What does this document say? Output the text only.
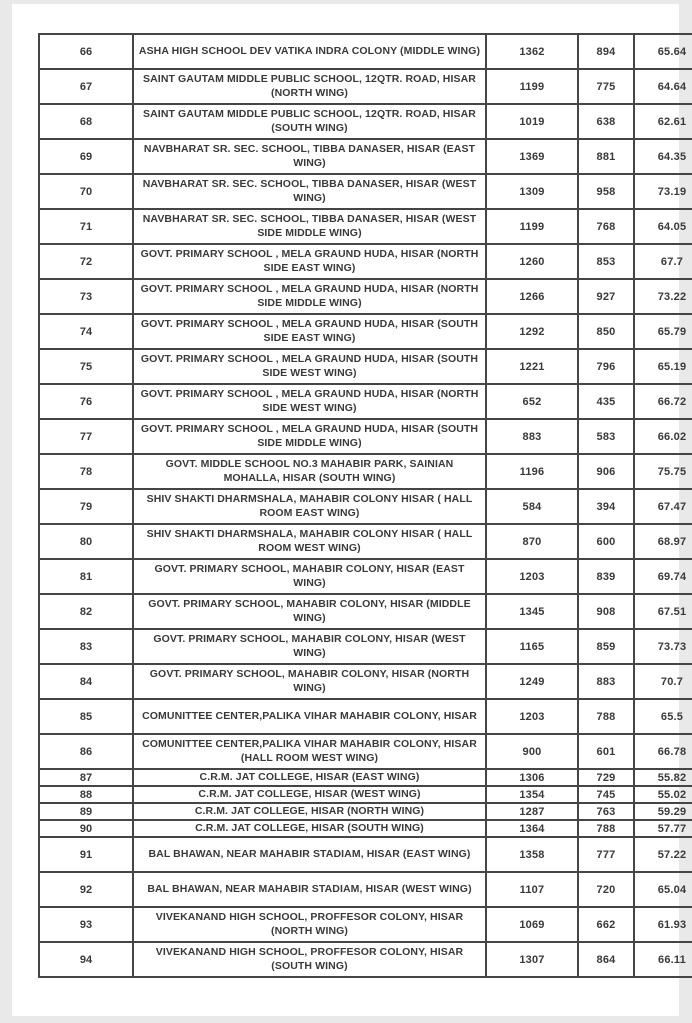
66	ASHA HIGH SCHOOL DEV VATIKA INDRA COLONY (MIDDLE WING)	1362	894	65.64
67	SAINT GAUTAM MIDDLE PUBLIC SCHOOL, 12QTR. ROAD, HISAR (NORTH WING)	1199	775	64.64
68	SAINT GAUTAM MIDDLE PUBLIC SCHOOL, 12QTR. ROAD, HISAR (SOUTH WING)	1019	638	62.61
69	NAVBHARAT SR. SEC. SCHOOL, TIBBA DANASER, HISAR (EAST WING)	1369	881	64.35
70	NAVBHARAT SR. SEC. SCHOOL, TIBBA DANASER, HISAR (WEST WING)	1309	958	73.19
71	NAVBHARAT SR. SEC. SCHOOL, TIBBA DANASER, HISAR (WEST SIDE MIDDLE WING)	1199	768	64.05
72	GOVT. PRIMARY SCHOOL , MELA GRAUND HUDA, HISAR (NORTH SIDE EAST WING)	1260	853	67.7
73	GOVT. PRIMARY SCHOOL , MELA GRAUND HUDA, HISAR (NORTH SIDE MIDDLE WING)	1266	927	73.22
74	GOVT. PRIMARY SCHOOL , MELA GRAUND HUDA, HISAR (SOUTH SIDE EAST WING)	1292	850	65.79
75	GOVT. PRIMARY SCHOOL , MELA GRAUND HUDA, HISAR (SOUTH SIDE WEST WING)	1221	796	65.19
76	GOVT. PRIMARY SCHOOL , MELA GRAUND HUDA, HISAR (NORTH SIDE WEST WING)	652	435	66.72
77	GOVT. PRIMARY SCHOOL , MELA GRAUND HUDA, HISAR (SOUTH SIDE MIDDLE WING)	883	583	66.02
78	GOVT. MIDDLE SCHOOL NO.3 MAHABIR PARK, SAINIAN MOHALLA, HISAR (SOUTH WING)	1196	906	75.75
79	SHIV SHAKTI DHARMSHALA, MAHABIR COLONY HISAR ( HALL ROOM EAST WING)	584	394	67.47
80	SHIV SHAKTI DHARMSHALA, MAHABIR COLONY HISAR ( HALL ROOM WEST WING)	870	600	68.97
81	GOVT. PRIMARY SCHOOL, MAHABIR COLONY, HISAR (EAST WING)	1203	839	69.74
82	GOVT. PRIMARY SCHOOL, MAHABIR COLONY, HISAR (MIDDLE WING)	1345	908	67.51
83	GOVT. PRIMARY SCHOOL, MAHABIR COLONY, HISAR (WEST WING)	1165	859	73.73
84	GOVT. PRIMARY SCHOOL, MAHABIR COLONY, HISAR (NORTH WING)	1249	883	70.7
85	COMUNITTEE CENTER,PALIKA VIHAR MAHABIR COLONY, HISAR	1203	788	65.5
86	COMUNITTEE CENTER,PALIKA VIHAR MAHABIR COLONY, HISAR (HALL ROOM WEST WING)	900	601	66.78
87	C.R.M. JAT COLLEGE, HISAR (EAST WING)	1306	729	55.82
88	C.R.M. JAT COLLEGE, HISAR (WEST WING)	1354	745	55.02
89	C.R.M. JAT COLLEGE, HISAR (NORTH WING)	1287	763	59.29
90	C.R.M. JAT COLLEGE, HISAR (SOUTH WING)	1364	788	57.77
91	BAL BHAWAN, NEAR MAHABIR STADIAM, HISAR (EAST WING)	1358	777	57.22
92	BAL BHAWAN, NEAR MAHABIR STADIAM, HISAR (WEST WING)	1107	720	65.04
93	VIVEKANAND HIGH SCHOOL, PROFFESOR COLONY, HISAR (NORTH WING)	1069	662	61.93
94	VIVEKANAND HIGH SCHOOL, PROFFESOR COLONY, HISAR (SOUTH WING)	1307	864	66.11
